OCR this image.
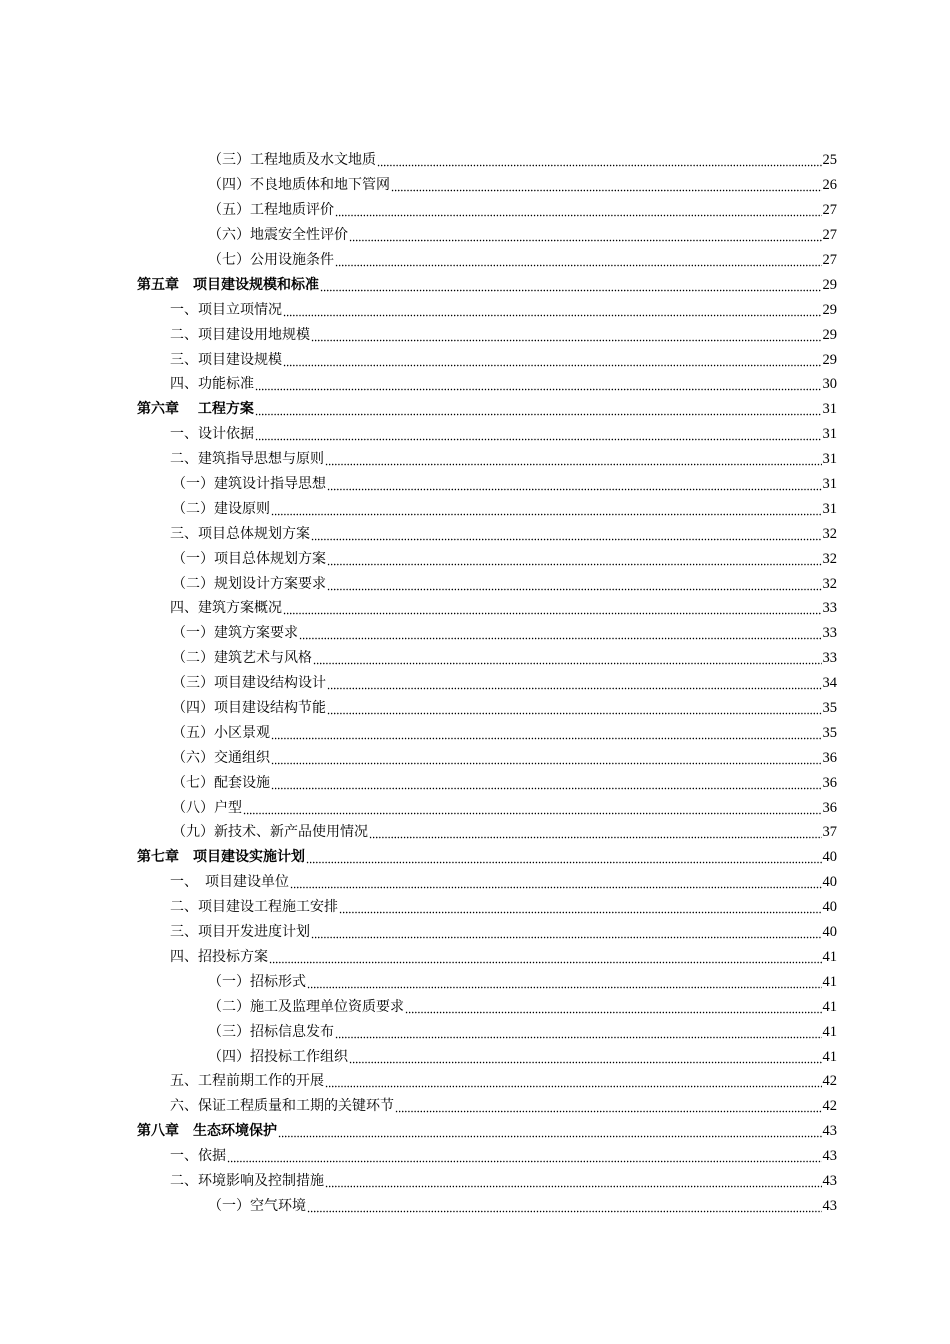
（三）工程地质及水文地质	25
（四）不良地质体和地下管网	26
（五）工程地质评价	27
（六）地震安全性评价	27
（七）公用设施条件	27
第五章　项目建设规模和标准	29
一、项目立项情况	29
二、项目建设用地规模	29
三、项目建设规模	29
四、功能标准	30
第六章　 工程方案	31
一、设计依据	31
二、建筑指导思想与原则	31
（一）建筑设计指导思想	31
（二）建设原则	31
三、项目总体规划方案	32
（一）项目总体规划方案	32
（二）规划设计方案要求	32
四、建筑方案概况	33
（一）建筑方案要求	33
（二）建筑艺术与风格	33
（三）项目建设结构设计	34
（四）项目建设结构节能	35
（五）小区景观	35
（六）交通组织	36
（七）配套设施	36
（八）户型	36
（九）新技术、新产品使用情况	37
第七章　项目建设实施计划	40
一、　项目建设单位	40
二、项目建设工程施工安排	40
三、项目开发进度计划	40
四、招投标方案	41
（一）招标形式	41
（二）施工及监理单位资质要求	41
（三）招标信息发布	41
（四）招投标工作组织	41
五、工程前期工作的开展	42
六、保证工程质量和工期的关键环节	42
第八章　生态环境保护	43
一、依据	43
二、环境影响及控制措施	43
（一）空气环境	43
